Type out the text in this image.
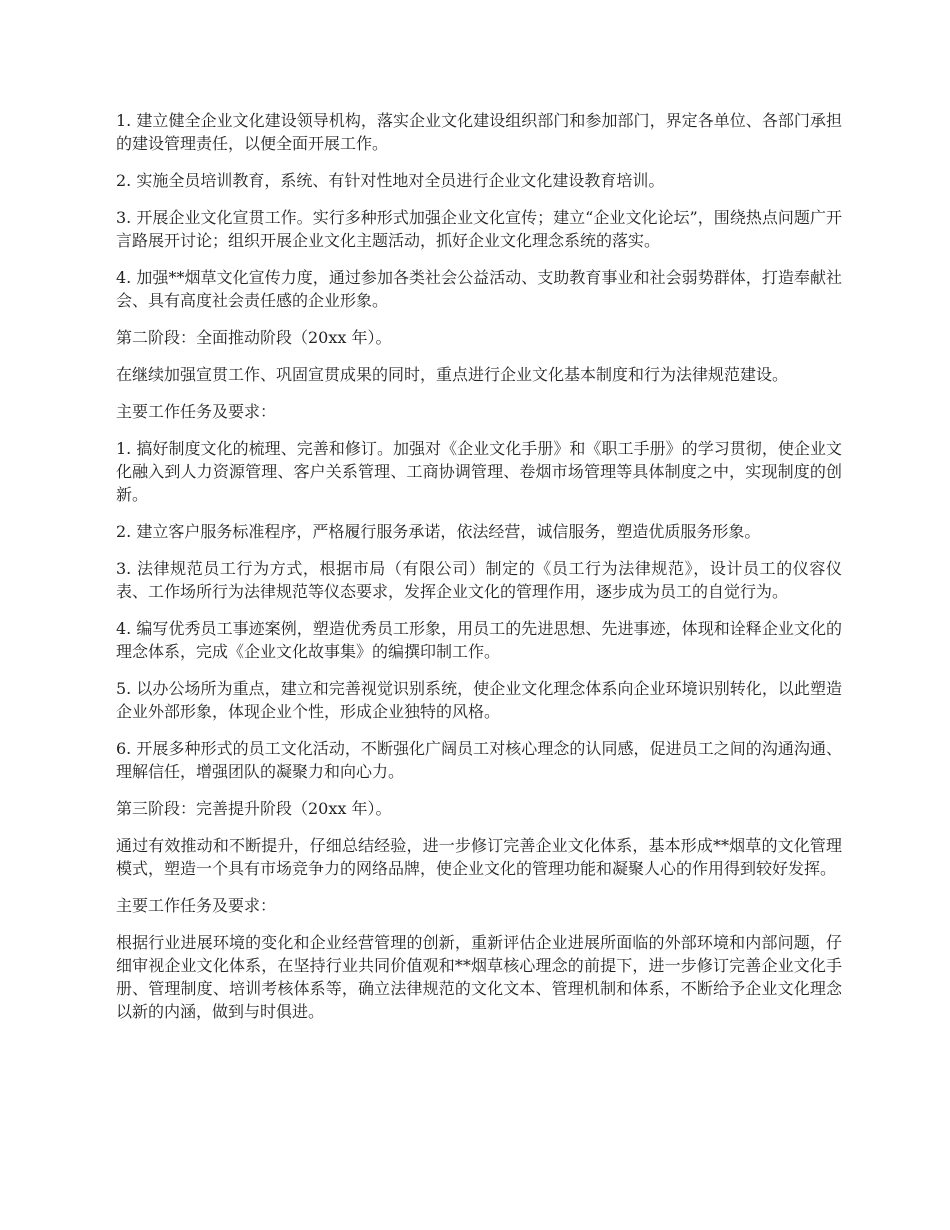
1. 建立健全企业文化建设领导机构，落实企业文化建设组织部门和参加部门，界定各单位、各部门承担的建设管理责任，以便全面开展工作。

2. 实施全员培训教育，系统、有针对性地对全员进行企业文化建设教育培训。

3. 开展企业文化宣贯工作。实行多种形式加强企业文化宣传；建立“企业文化论坛”，围绕热点问题广开言路展开讨论；组织开展企业文化主题活动，抓好企业文化理念系统的落实。

4. 加强**烟草文化宣传力度，通过参加各类社会公益活动、支助教育事业和社会弱势群体，打造奉献社会、具有高度社会责任感的企业形象。

第二阶段：全面推动阶段（20xx 年）。

在继续加强宣贯工作、巩固宣贯成果的同时，重点进行企业文化基本制度和行为法律规范建设。

主要工作任务及要求：

1. 搞好制度文化的梳理、完善和修订。加强对《企业文化手册》和《职工手册》的学习贯彻，使企业文化融入到人力资源管理、客户关系管理、工商协调管理、卷烟市场管理等具体制度之中，实现制度的创新。

2. 建立客户服务标准程序，严格履行服务承诺，依法经营，诚信服务，塑造优质服务形象。

3. 法律规范员工行为方式，根据市局（有限公司）制定的《员工行为法律规范》，设计员工的仪容仪表、工作场所行为法律规范等仪态要求，发挥企业文化的管理作用，逐步成为员工的自觉行为。

4. 编写优秀员工事迹案例，塑造优秀员工形象，用员工的先进思想、先进事迹，体现和诠释企业文化的理念体系，完成《企业文化故事集》的编撰印制工作。

5. 以办公场所为重点，建立和完善视觉识别系统，使企业文化理念体系向企业环境识别转化，以此塑造企业外部形象，体现企业个性，形成企业独特的风格。

6. 开展多种形式的员工文化活动，不断强化广阔员工对核心理念的认同感，促进员工之间的沟通沟通、理解信任，增强团队的凝聚力和向心力。

第三阶段：完善提升阶段（20xx 年）。

通过有效推动和不断提升，仔细总结经验，进一步修订完善企业文化体系，基本形成**烟草的文化管理模式，塑造一个具有市场竞争力的网络品牌，使企业文化的管理功能和凝聚人心的作用得到较好发挥。

主要工作任务及要求：

根据行业进展环境的变化和企业经营管理的创新，重新评估企业进展所面临的外部环境和内部问题，仔细审视企业文化体系，在坚持行业共同价值观和**烟草核心理念的前提下，进一步修订完善企业文化手册、管理制度、培训考核体系等，确立法律规范的文化文本、管理机制和体系，不断给予企业文化理念以新的内涵，做到与时俱进。
